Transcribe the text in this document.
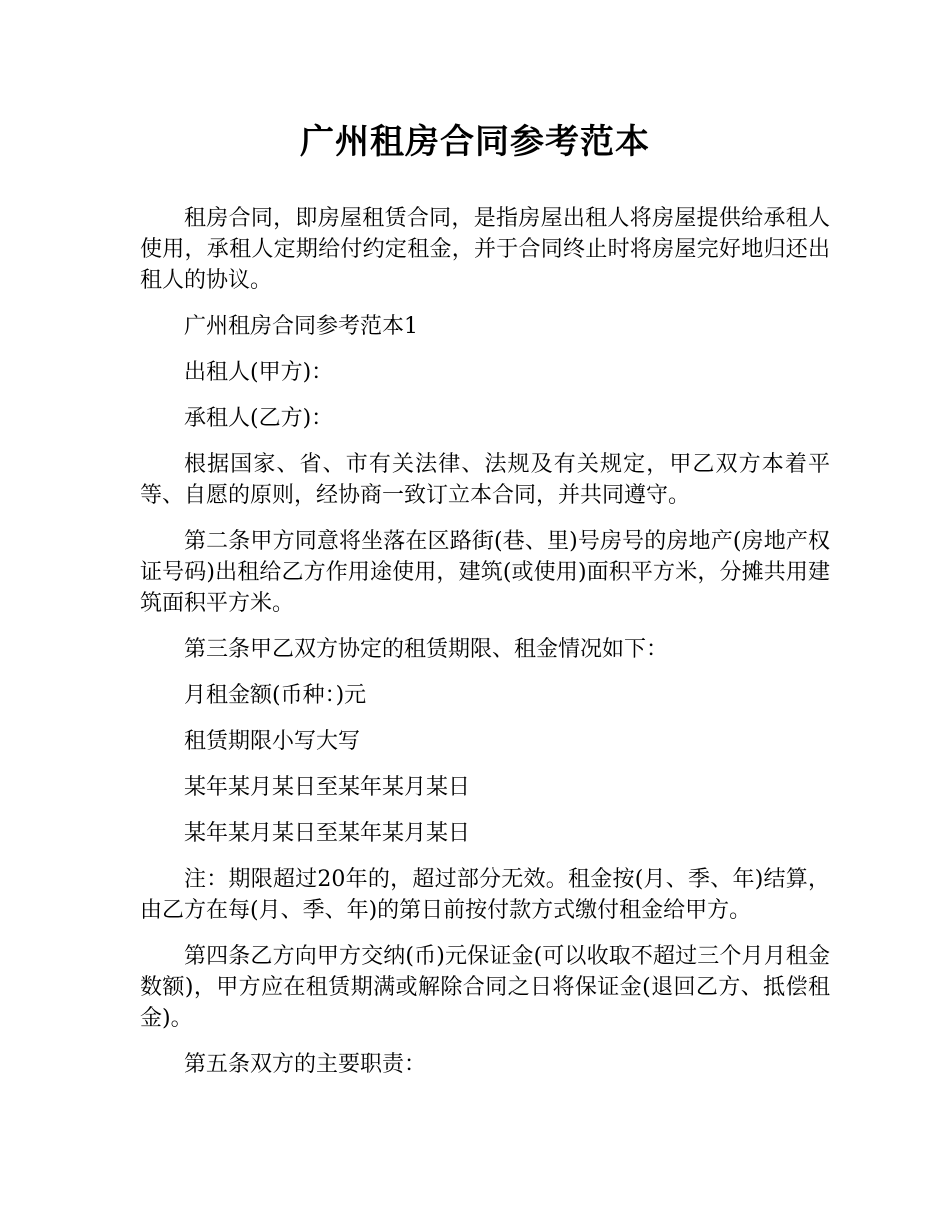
广州租房合同参考范本

租房合同，即房屋租赁合同，是指房屋出租人将房屋提供给承租人使用，承租人定期给付约定租金，并于合同终止时将房屋完好地归还出租人的协议。

广州租房合同参考范本1

出租人(甲方)：

承租人(乙方)：

根据国家、省、市有关法律、法规及有关规定，甲乙双方本着平等、自愿的原则，经协商一致订立本合同，并共同遵守。

第二条甲方同意将坐落在区路街(巷、里)号房号的房地产(房地产权证号码)出租给乙方作用途使用，建筑(或使用)面积平方米，分摊共用建筑面积平方米。

第三条甲乙双方协定的租赁期限、租金情况如下：

月租金额(币种：)元

租赁期限小写大写

某年某月某日至某年某月某日

某年某月某日至某年某月某日

注：期限超过20年的，超过部分无效。租金按(月、季、年)结算，由乙方在每(月、季、年)的第日前按付款方式缴付租金给甲方。

第四条乙方向甲方交纳(币)元保证金(可以收取不超过三个月月租金数额)，甲方应在租赁期满或解除合同之日将保证金(退回乙方、抵偿租金)。

第五条双方的主要职责：
